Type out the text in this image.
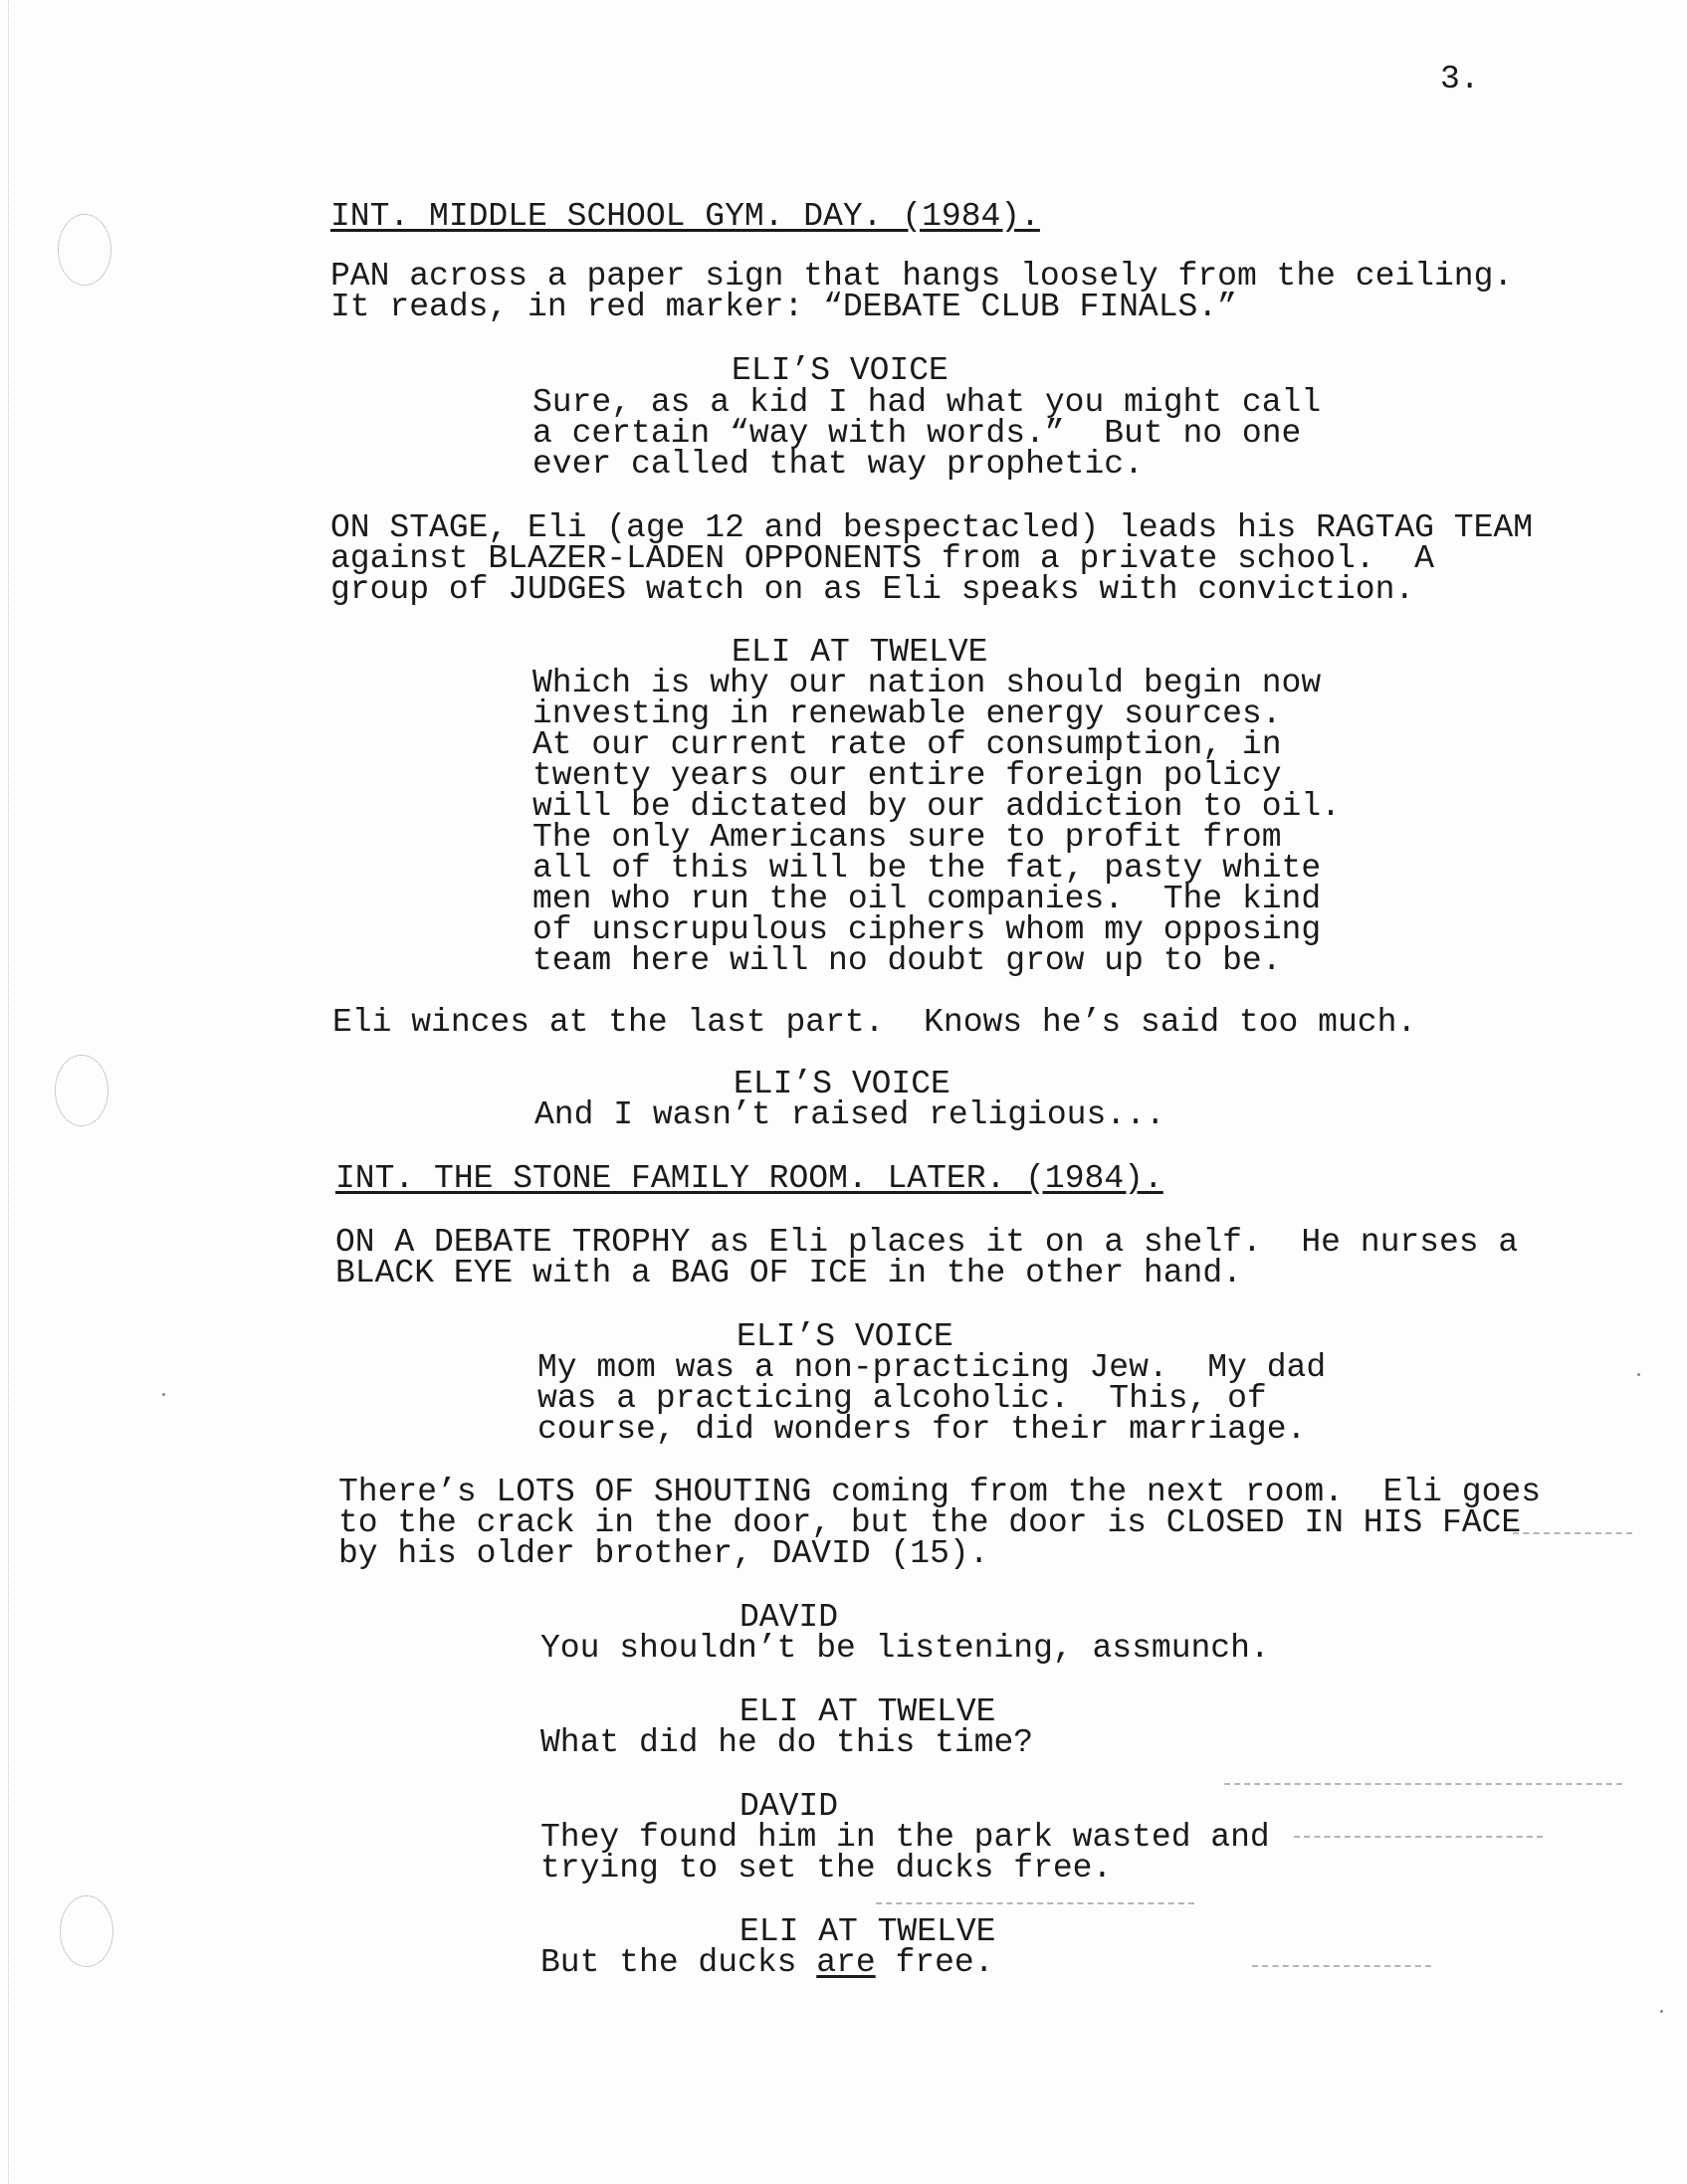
3.
INT. MIDDLE SCHOOL GYM. DAY. (1984).
PAN across a paper sign that hangs loosely from the ceiling.
It reads, in red marker: “DEBATE CLUB FINALS.”
ELI’S VOICE
Sure, as a kid I had what you might call
a certain “way with words.”  But no one
ever called that way prophetic.
ON STAGE, Eli (age 12 and bespectacled) leads his RAGTAG TEAM
against BLAZER-LADEN OPPONENTS from a private school.  A
group of JUDGES watch on as Eli speaks with conviction.
ELI AT TWELVE
Which is why our nation should begin now
investing in renewable energy sources.
At our current rate of consumption, in
twenty years our entire foreign policy
will be dictated by our addiction to oil.
The only Americans sure to profit from
all of this will be the fat, pasty white
men who run the oil companies.  The kind
of unscrupulous ciphers whom my opposing
team here will no doubt grow up to be.
Eli winces at the last part.  Knows he’s said too much.
ELI’S VOICE
And I wasn’t raised religious...
INT. THE STONE FAMILY ROOM. LATER. (1984).
ON A DEBATE TROPHY as Eli places it on a shelf.  He nurses a
BLACK EYE with a BAG OF ICE in the other hand.
ELI’S VOICE
My mom was a non-practicing Jew.  My dad
was a practicing alcoholic.  This, of
course, did wonders for their marriage.
There’s LOTS OF SHOUTING coming from the next room.  Eli goes
to the crack in the door, but the door is CLOSED IN HIS FACE
by his older brother, DAVID (15).
DAVID
You shouldn’t be listening, assmunch.
ELI AT TWELVE
What did he do this time?
DAVID
They found him in the park wasted and
trying to set the ducks free.
ELI AT TWELVE
But the ducks are free.
